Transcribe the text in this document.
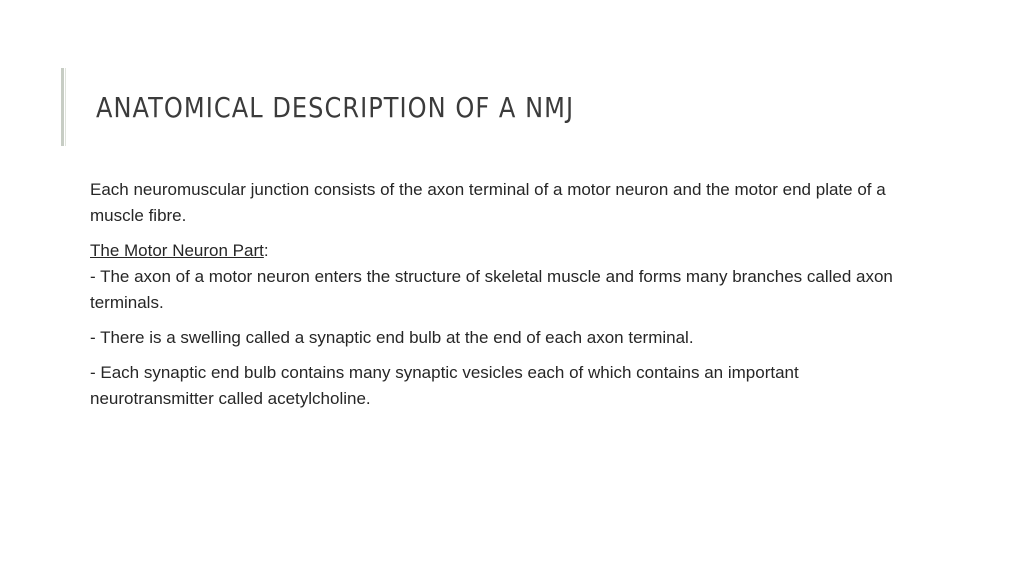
ANATOMICAL DESCRIPTION OF A NMJ

Each neuromuscular junction consists of the axon terminal of a motor neuron and the motor end plate of a muscle fibre.

The Motor Neuron Part:
- The axon of a motor neuron enters the structure of skeletal muscle and forms many branches called axon terminals.

- There is a swelling called a synaptic end bulb at the end of each axon terminal.

- Each synaptic end bulb contains many synaptic vesicles each of which contains an important neurotransmitter called acetylcholine.
